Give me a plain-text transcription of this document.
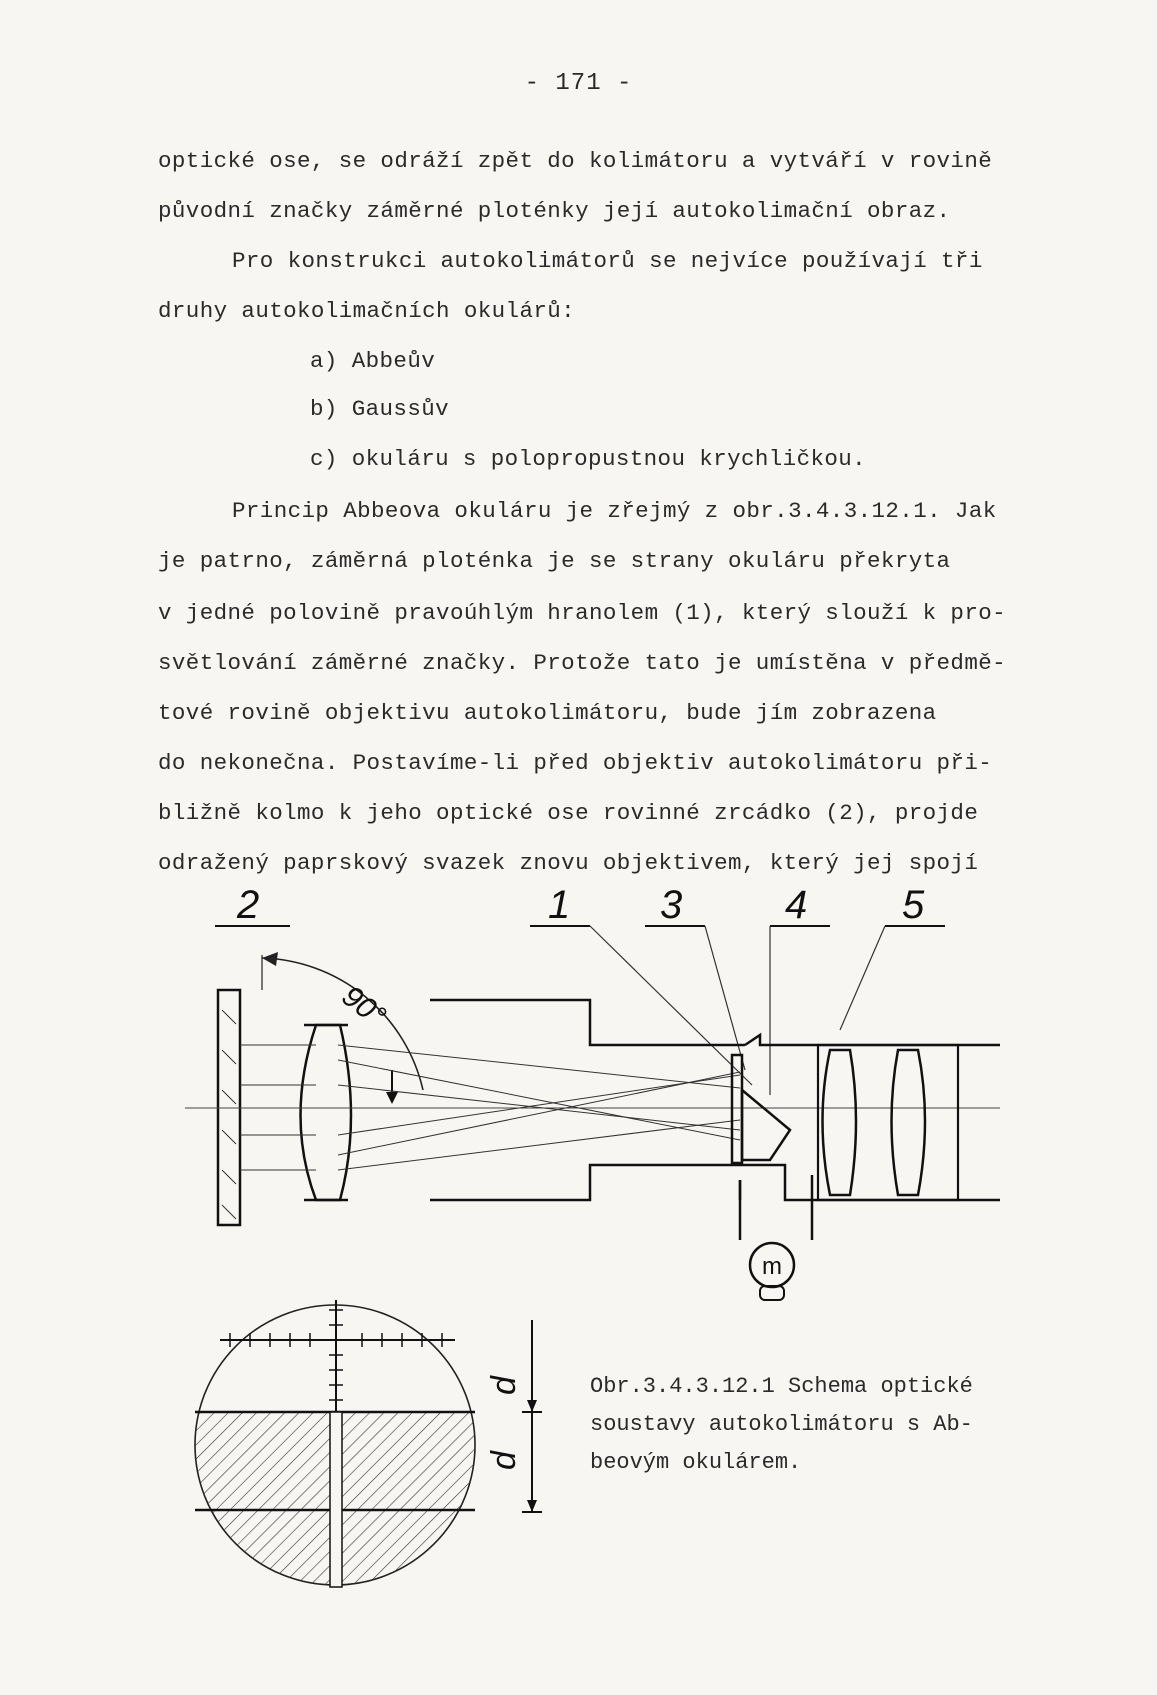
- 171 -
optické ose, se odráží zpět do kolimátoru a vytváří v rovině
původní značky záměrné ploténky její autokolimační obraz.
Pro konstrukci autokolimátorů se nejvíce používají tři
druhy autokolimačních okulárů:
a) Abbeův
b) Gaussův
c) okuláru s polopropustnou krychličkou.
Princip Abbeova okuláru je zřejmý z obr.3.4.3.12.1. Jak
je patrno, záměrná ploténka je se strany okuláru překryta
v jedné polovině pravoúhlým hranolem (1), který slouží k pro-
světlování záměrné značky. Protože tato je umístěna v předmě-
tové rovině objektivu autokolimátoru, bude jím zobrazena
do nekonečna. Postavíme-li před objektiv autokolimátoru při-
bližně kolmo k jeho optické ose rovinné zrcádko (2), projde
odražený paprskový svazek znovu objektivem, který jej spojí
2	1 3	4 5
90°
m
d
d
Obr.3.4.3.12.1 Schema optické
soustavy autokolimátoru s Ab-
beovým okulárem.
